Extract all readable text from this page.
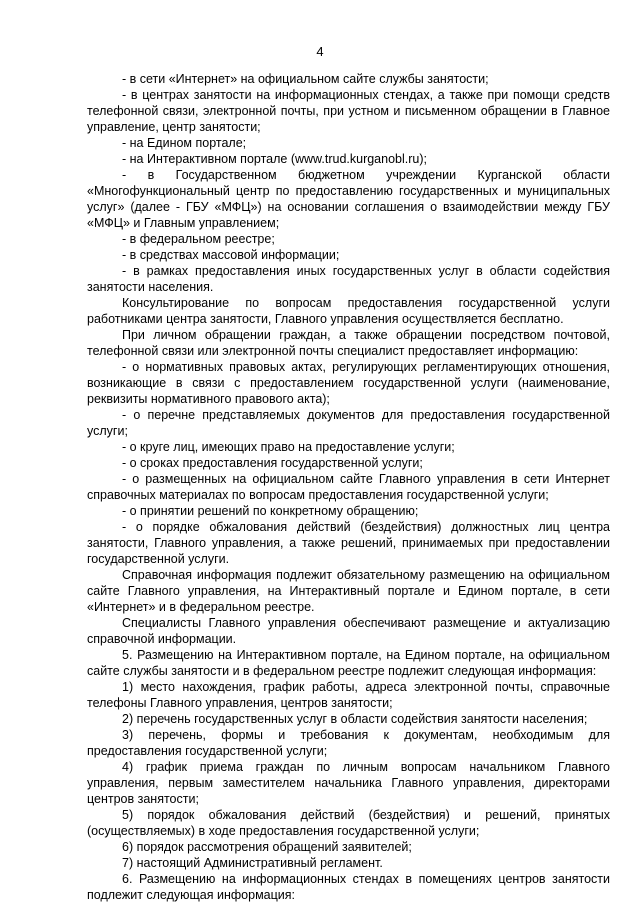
4

- в сети «Интернет» на официальном сайте службы занятости;

- в центрах занятости на информационных стендах, а также при помощи средств телефонной связи, электронной почты, при устном и письменном обращении в Главное управление, центр занятости;

- на Едином портале;

- на Интерактивном портале (www.trud.kurganobl.ru);

- в Государственном бюджетном учреждении Курганской области «Многофункциональный центр по предоставлению государственных и муниципальных услуг» (далее - ГБУ «МФЦ») на основании соглашения о взаимодействии между ГБУ «МФЦ» и Главным управлением;

- в федеральном реестре;

- в средствах массовой информации;

- в рамках предоставления иных государственных услуг в области содействия занятости населения.

Консультирование по вопросам предоставления государственной услуги работниками центра занятости, Главного управления осуществляется бесплатно.

При личном обращении граждан, а также обращении посредством почтовой, телефонной связи или электронной почты специалист предоставляет информацию:

- о нормативных правовых актах, регулирующих регламентирующих отношения, возникающие в связи с предоставлением государственной услуги (наименование, реквизиты нормативного правового акта);

- о перечне представляемых документов для предоставления государственной услуги;

- о круге лиц, имеющих право на предоставление услуги;

- о сроках предоставления государственной услуги;

- о размещенных на официальном сайте Главного управления в сети Интернет справочных материалах по вопросам предоставления государственной услуги;

- о принятии решений по конкретному обращению;

- о порядке обжалования действий (бездействия) должностных лиц центра занятости, Главного управления, а также решений, принимаемых при предоставлении государственной услуги.

Справочная информация подлежит обязательному размещению на официальном сайте Главного управления, на Интерактивный портале и Едином портале, в сети «Интернет» и в федеральном реестре.

Специалисты Главного управления обеспечивают размещение и актуализацию справочной информации.

5. Размещению на Интерактивном портале, на Едином портале, на официальном сайте службы занятости и в федеральном реестре подлежит следующая информация:

1) место нахождения, график работы, адреса электронной почты, справочные телефоны Главного управления, центров занятости;

2) перечень государственных услуг в области содействия занятости населения;

3) перечень, формы и требования к документам, необходимым для предоставления государственной услуги;

4) график приема граждан по личным вопросам начальником Главного управления, первым заместителем начальника Главного управления, директорами центров занятости;

5) порядок обжалования действий (бездействия) и решений, принятых (осуществляемых) в ходе предоставления государственной услуги;

6) порядок рассмотрения обращений заявителей;

7) настоящий Административный регламент.

6. Размещению на информационных стендах в помещениях центров занятости подлежит следующая информация:
